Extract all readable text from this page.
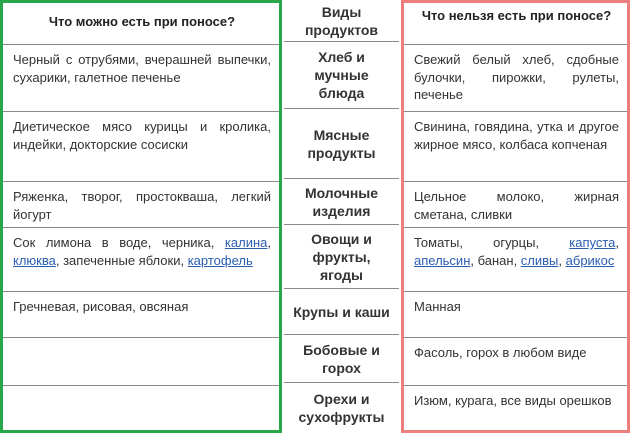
Что можно есть при поносе?
Черный с отрубями, вчерашней выпечки, сухарики, галетное печенье
Диетическое мясо курицы и кролика, индейки, докторские сосиски
Ряженка, творог, простокваша, легкий йогурт
Сок лимона в воде, черника, калина, клюква, запеченные яблоки, картофель
Гречневая, рисовая, овсяная
Виды продуктов
Хлеб и мучные блюда
Мясные продукты
Молочные изделия
Овощи и фрукты, ягоды
Крупы и каши
Бобовые и горох
Орехи и сухофрукты
Что нельзя есть при поносе?
Свежий белый хлеб, сдобные булочки, пирожки, рулеты, печенье
Свинина, говядина, утка и другое жирное мясо, колбаса копченая
Цельное молоко, жирная сметана, сливки
Томаты, огурцы, капуста, апельсин, банан, сливы, абрикос
Манная
Фасоль, горох в любом виде
Изюм, курага, все виды орешков
